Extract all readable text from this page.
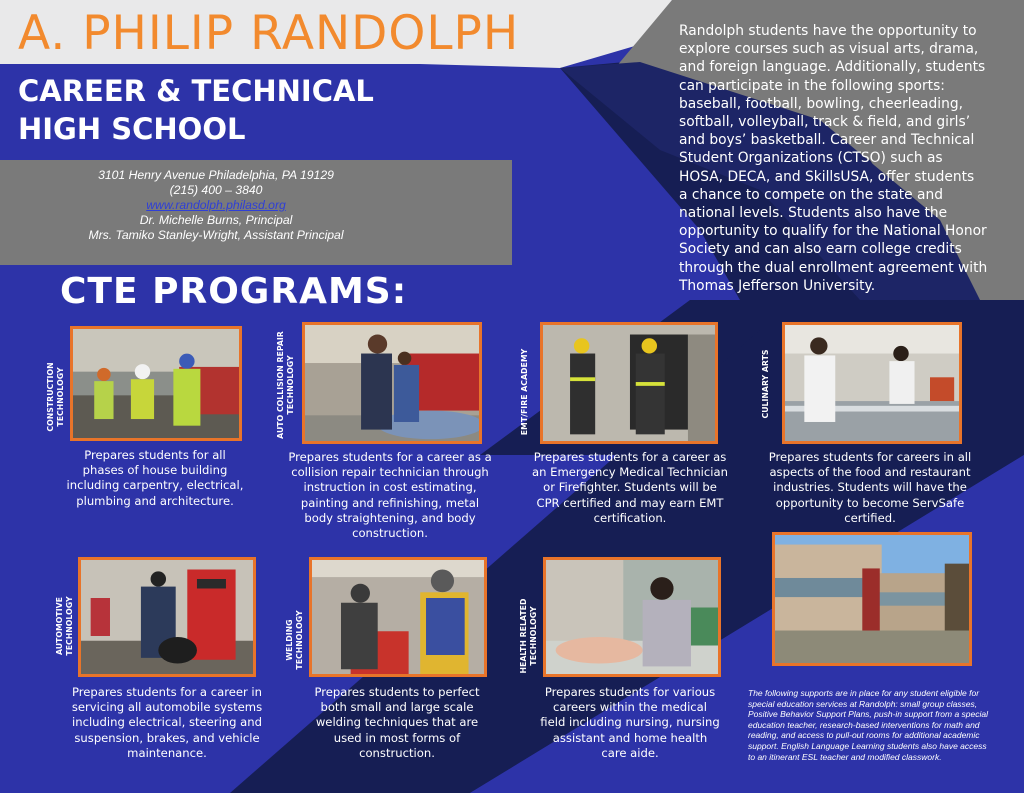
A. PHILIP RANDOLPH
CAREER & TECHNICAL
HIGH SCHOOL
3101 Henry Avenue Philadelphia, PA 19129
(215) 400 – 3840
www.randolph.philasd.org
Dr. Michelle Burns, Principal
Mrs. Tamiko Stanley-Wright, Assistant Principal
Randolph students have the opportunity to
explore courses such as visual arts, drama,
and foreign language. Additionally, students
can participate in the following sports:
baseball, football, bowling, cheerleading,
softball, volleyball, track & field, and girls’
and boys’ basketball. Career and Technical
Student Organizations (CTSO) such as
HOSA, DECA, and SkillsUSA, offer students
a chance to compete on the state and
national levels. Students also have the
opportunity to qualify for the National Honor
Society and can also earn college credits
through the dual enrollment agreement with
Thomas Jefferson University.
CTE PROGRAMS:
CONSTRUCTION TECHNOLOGY
Prepares students for all
phases of house building
including carpentry, electrical,
plumbing and architecture.
AUTO COLLISION REPAIR TECHNOLOGY
Prepares students for a career as a
collision repair technician through
instruction in cost estimating,
painting and refinishing, metal
body straightening, and body
construction.
EMT/FIRE ACADEMY
Prepares students for a career as
an Emergency Medical Technician
or Firefighter. Students will be
CPR certified and may earn EMT
certification.
CULINARY ARTS
Prepares students for careers in all
aspects of the food and restaurant
industries. Students will have the
opportunity to become ServSafe
certified.
AUTOMOTIVE TECHNOLOGY
Prepares students for a career in
servicing all automobile systems
including electrical, steering and
suspension, brakes, and vehicle
maintenance.
WELDING TECHNOLOGY
Prepares students to perfect
both small and large scale
welding techniques that are
used in most forms of
construction.
HEALTH RELATED TECHNOLOGY
Prepares students for various
careers within the medical
field including nursing, nursing
assistant and home health
care aide.
The following supports are in place for any student eligible for
special education services at Randolph: small group classes,
Positive Behavior Support Plans, push-in support from a special
education teacher, research-based interventions for math and
reading, and access to pull-out rooms for additional academic
support. English Language Learning students also have access
to an itinerant ESL teacher and modified classwork.
